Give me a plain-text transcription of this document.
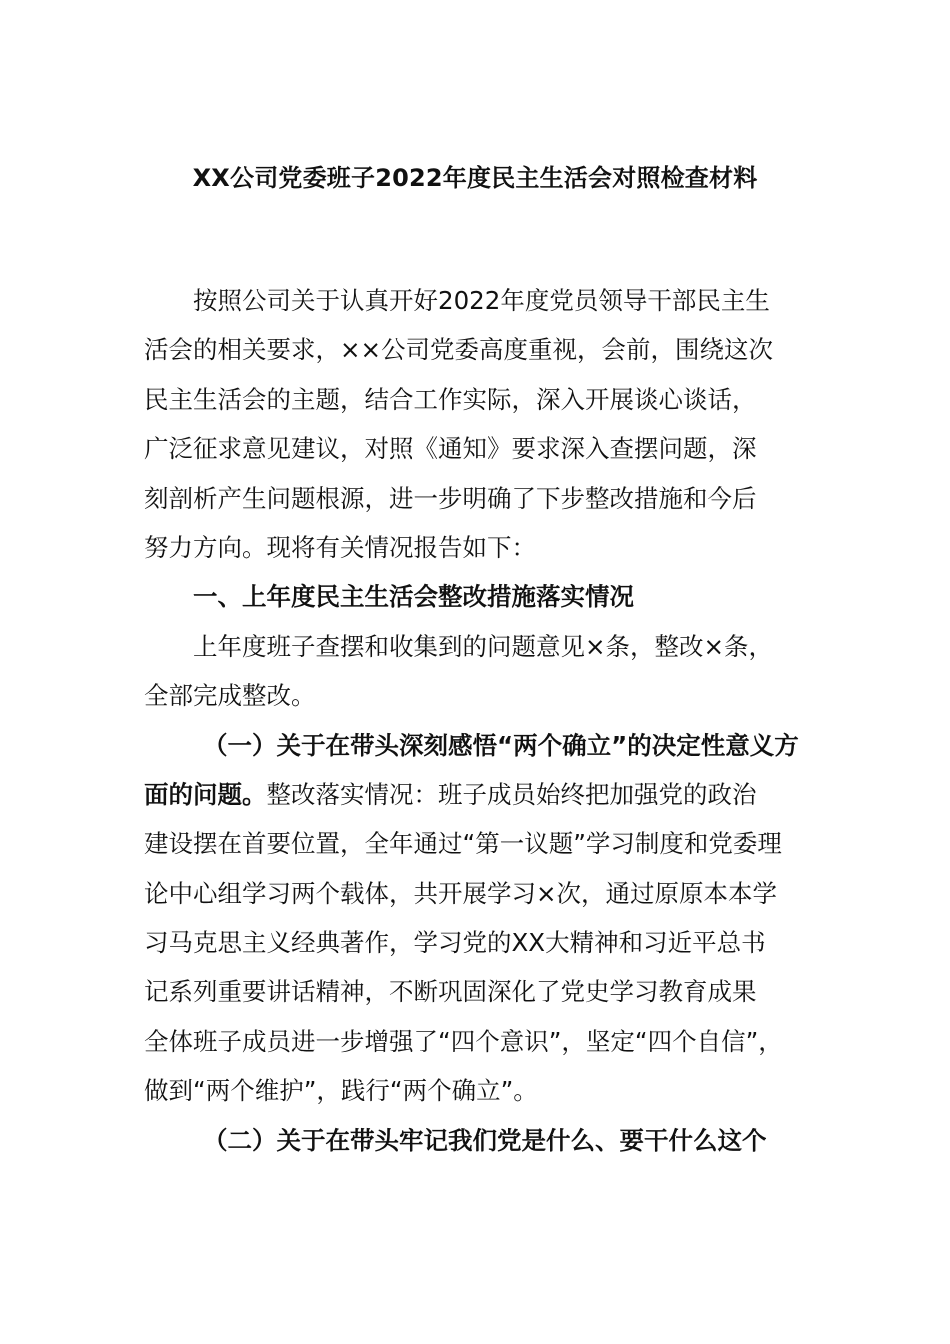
XX公司党委班子2022年度民主生活会对照检查材料
按照公司关于认真开好2022年度党员领导干部民主生
活会的相关要求，××公司党委高度重视，会前，围绕这次
民主生活会的主题，结合工作实际，深入开展谈心谈话，
广泛征求意见建议，对照《通知》要求深入查摆问题，深
刻剖析产生问题根源，进一步明确了下步整改措施和今后
努力方向。现将有关情况报告如下：
一、上年度民主生活会整改措施落实情况
上年度班子查摆和收集到的问题意见×条，整改×条，
全部完成整改。
（一）关于在带头深刻感悟“两个确立”的决定性意义方
面的问题。整改落实情况：班子成员始终把加强党的政治
建设摆在首要位置，全年通过“第一议题”学习制度和党委理
论中心组学习两个载体，共开展学习×次，通过原原本本学
习马克思主义经典著作，学习党的XX大精神和习近平总书
记系列重要讲话精神，不断巩固深化了党史学习教育成果
全体班子成员进一步增强了“四个意识”，坚定“四个自信”，
做到“两个维护”，践行“两个确立”。
（二）关于在带头牢记我们党是什么、要干什么这个
